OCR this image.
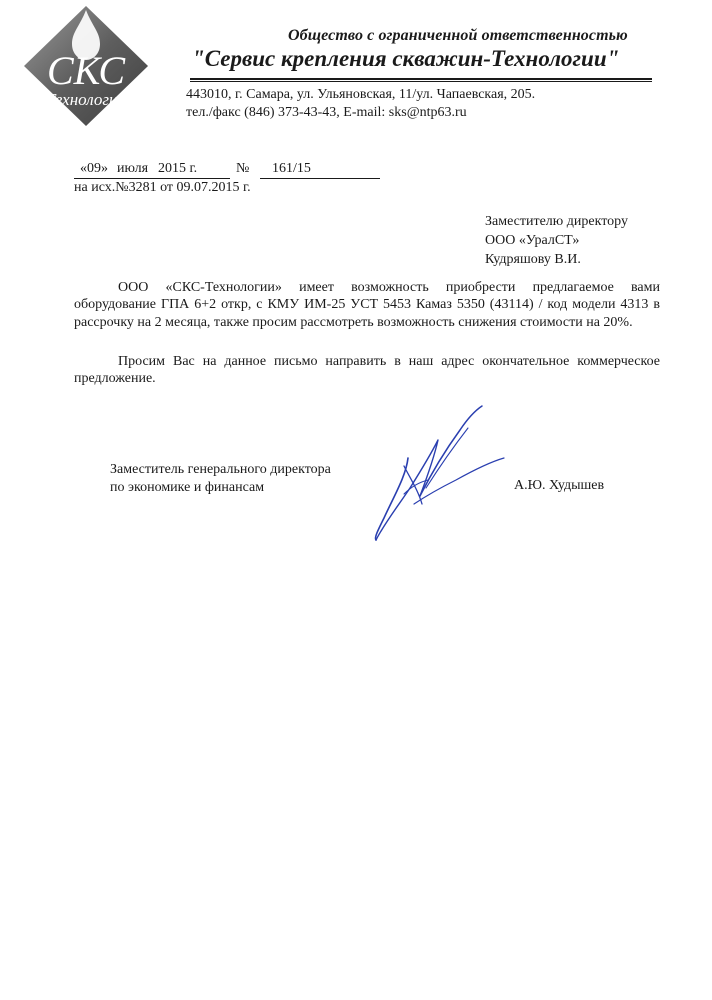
СКС
Технологии
Общество с ограниченной ответственностью
"Сервис крепления скважин-Технологии"
443010, г. Самара, ул. Ульяновская, 11/ул. Чапаевская, 205.
тел./факс (846) 373-43-43, E-mail: sks@ntp63.ru
«09» июля 2015 г.	№ 161/15
на исх.№3281 от 09.07.2015 г.
Заместителю директору
ООО «УралСТ»
Кудряшову В.И.

ООО «СКС-Технологии» имеет возможность приобрести предлагаемое вами оборудование ГПА 6+2 откр, с КМУ ИМ-25 УСТ 5453 Камаз 5350 (43114) / код модели 4313 в рассрочку на 2 месяца, также просим рассмотреть возможность снижения стоимости на 20%.

Просим Вас на данное письмо направить в наш адрес окончательное коммерческое предложение.

Заместитель генерального директора
по экономике и финансам	А.Ю. Худышев
